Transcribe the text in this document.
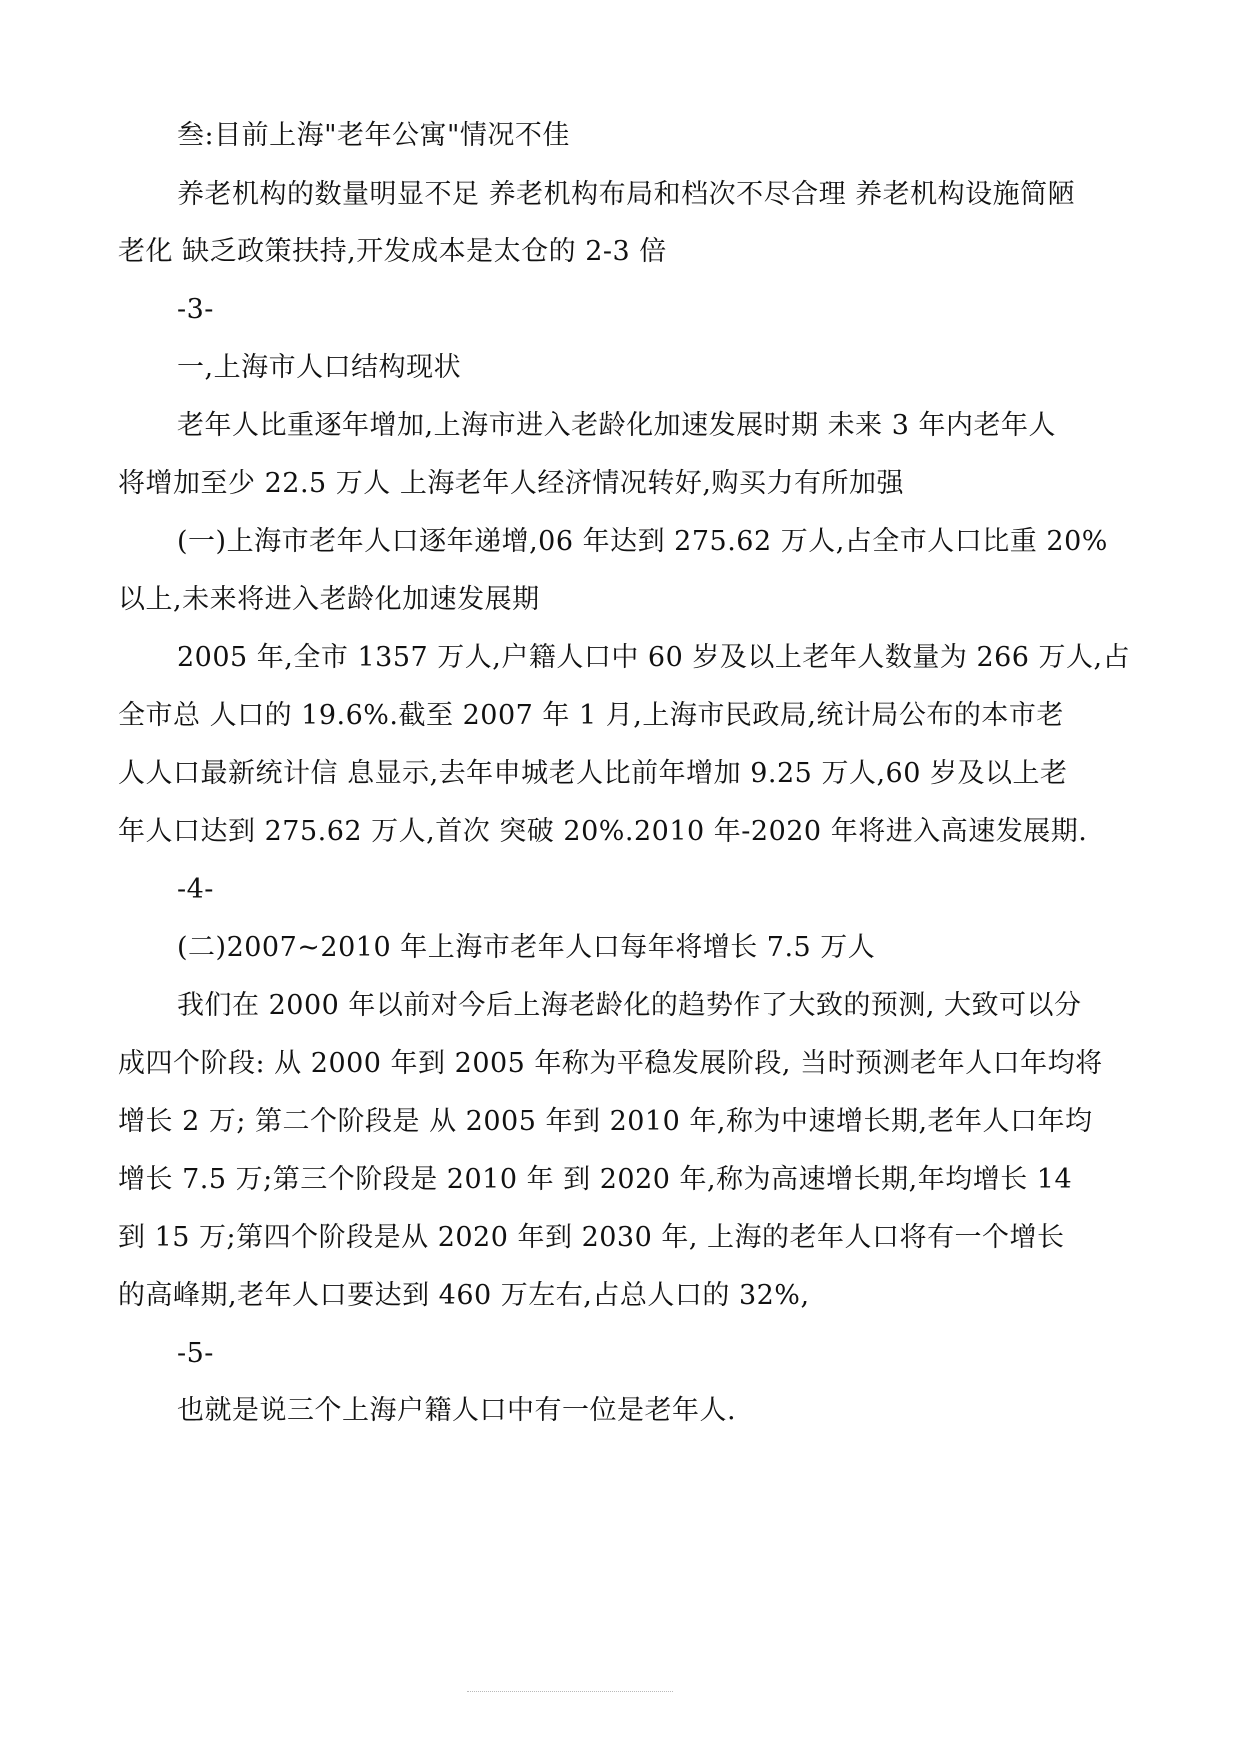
叁:目前上海"老年公寓"情况不佳
养老机构的数量明显不足 养老机构布局和档次不尽合理 养老机构设施简陋
老化 缺乏政策扶持,开发成本是太仓的 2-3 倍
-3-
一,上海市人口结构现状
老年人比重逐年增加,上海市进入老龄化加速发展时期 未来 3 年内老年人
将增加至少 22.5 万人 上海老年人经济情况转好,购买力有所加强
(一)上海市老年人口逐年递增,06 年达到 275.62 万人,占全市人口比重 20%
以上,未来将进入老龄化加速发展期
2005 年,全市 1357 万人,户籍人口中 60 岁及以上老年人数量为 266 万人,占
全市总 人口的 19.6%.截至 2007 年 1 月,上海市民政局,统计局公布的本市老
人人口最新统计信 息显示,去年申城老人比前年增加 9.25 万人,60 岁及以上老
年人口达到 275.62 万人,首次 突破 20%.2010 年-2020 年将进入高速发展期.
-4-
(二)2007~2010 年上海市老年人口每年将增长 7.5 万人
我们在 2000 年以前对今后上海老龄化的趋势作了大致的预测, 大致可以分
成四个阶段: 从 2000 年到 2005 年称为平稳发展阶段, 当时预测老年人口年均将
增长 2 万; 第二个阶段是 从 2005 年到 2010 年,称为中速增长期,老年人口年均
增长 7.5 万;第三个阶段是 2010 年 到 2020 年,称为高速增长期,年均增长 14
到 15 万;第四个阶段是从 2020 年到 2030 年, 上海的老年人口将有一个增长
的高峰期,老年人口要达到 460 万左右,占总人口的 32%,
-5-
也就是说三个上海户籍人口中有一位是老年人.
